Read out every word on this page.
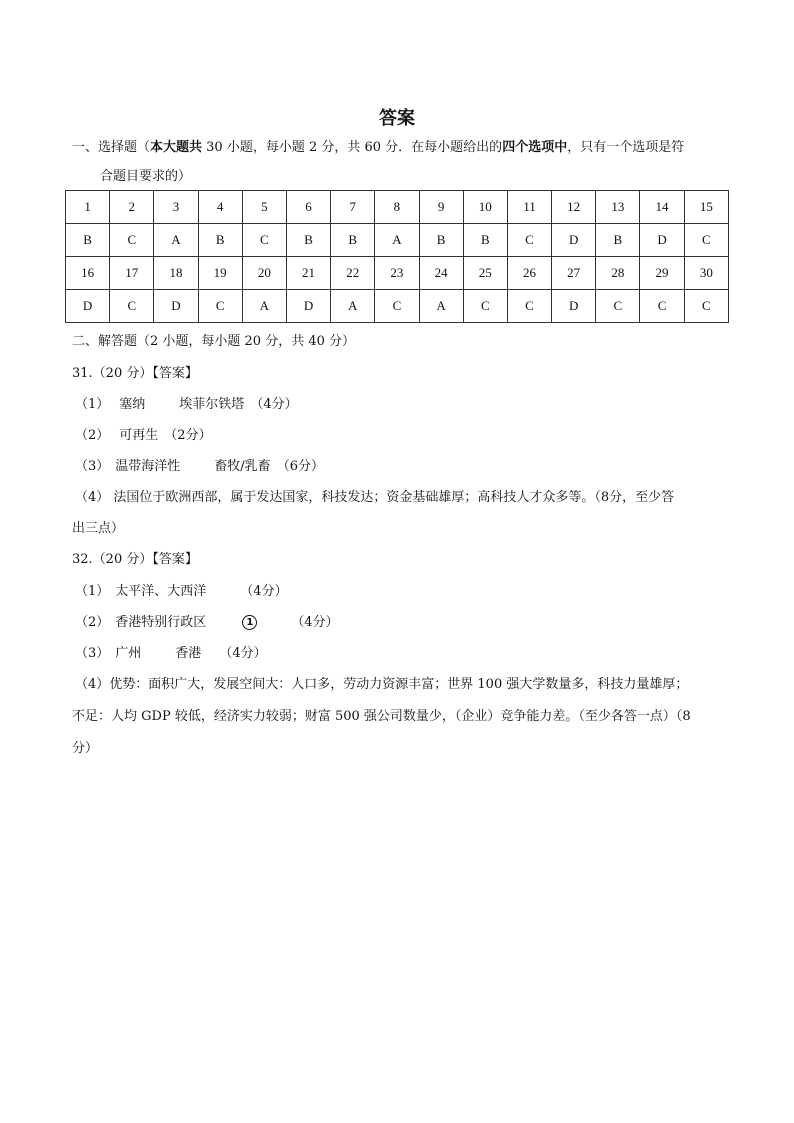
答案
一、选择题（本大题共 30 小题，每小题 2 分，共 60 分．在每小题给出的四个选项中，只有一个选项是符
合题目要求的）
1	2	3	4	5	6	7	8	9	10	11	12	13	14	15
B	C	A	B	C	B	B	A	B	B	C	D	B	D	C
16	17	18	19	20	21	22	23	24	25	26	27	28	29	30
D	C	D	C	A	D	A	C	A	C	C	D	C	C	C
二、解答题（2 小题，每小题 20 分，共 40 分）
31.（20 分）【答案】
（1） 塞纳	埃菲尔铁塔 （4分）
（2） 可再生 （2分）
（3） 温带海洋性	畜牧/乳畜 （6分）
（4） 法国位于欧洲西部，属于发达国家，科技发达；资金基础雄厚；高科技人才众多等。（8分，至少答
出三点）
32.（20 分）【答案】
（1） 太平洋、大西洋	（4分）
（2） 香港特别行政区	1	（4分）
（3） 广州	香港 （4分）
（4）优势：面积广大，发展空间大：人口多，劳动力资源丰富；世界 100 强大学数量多，科技力量雄厚；
不足：人均 GDP 较低，经济实力较弱；财富 500 强公司数量少，（企业）竞争能力差。（至少各答一点）（8
分）
